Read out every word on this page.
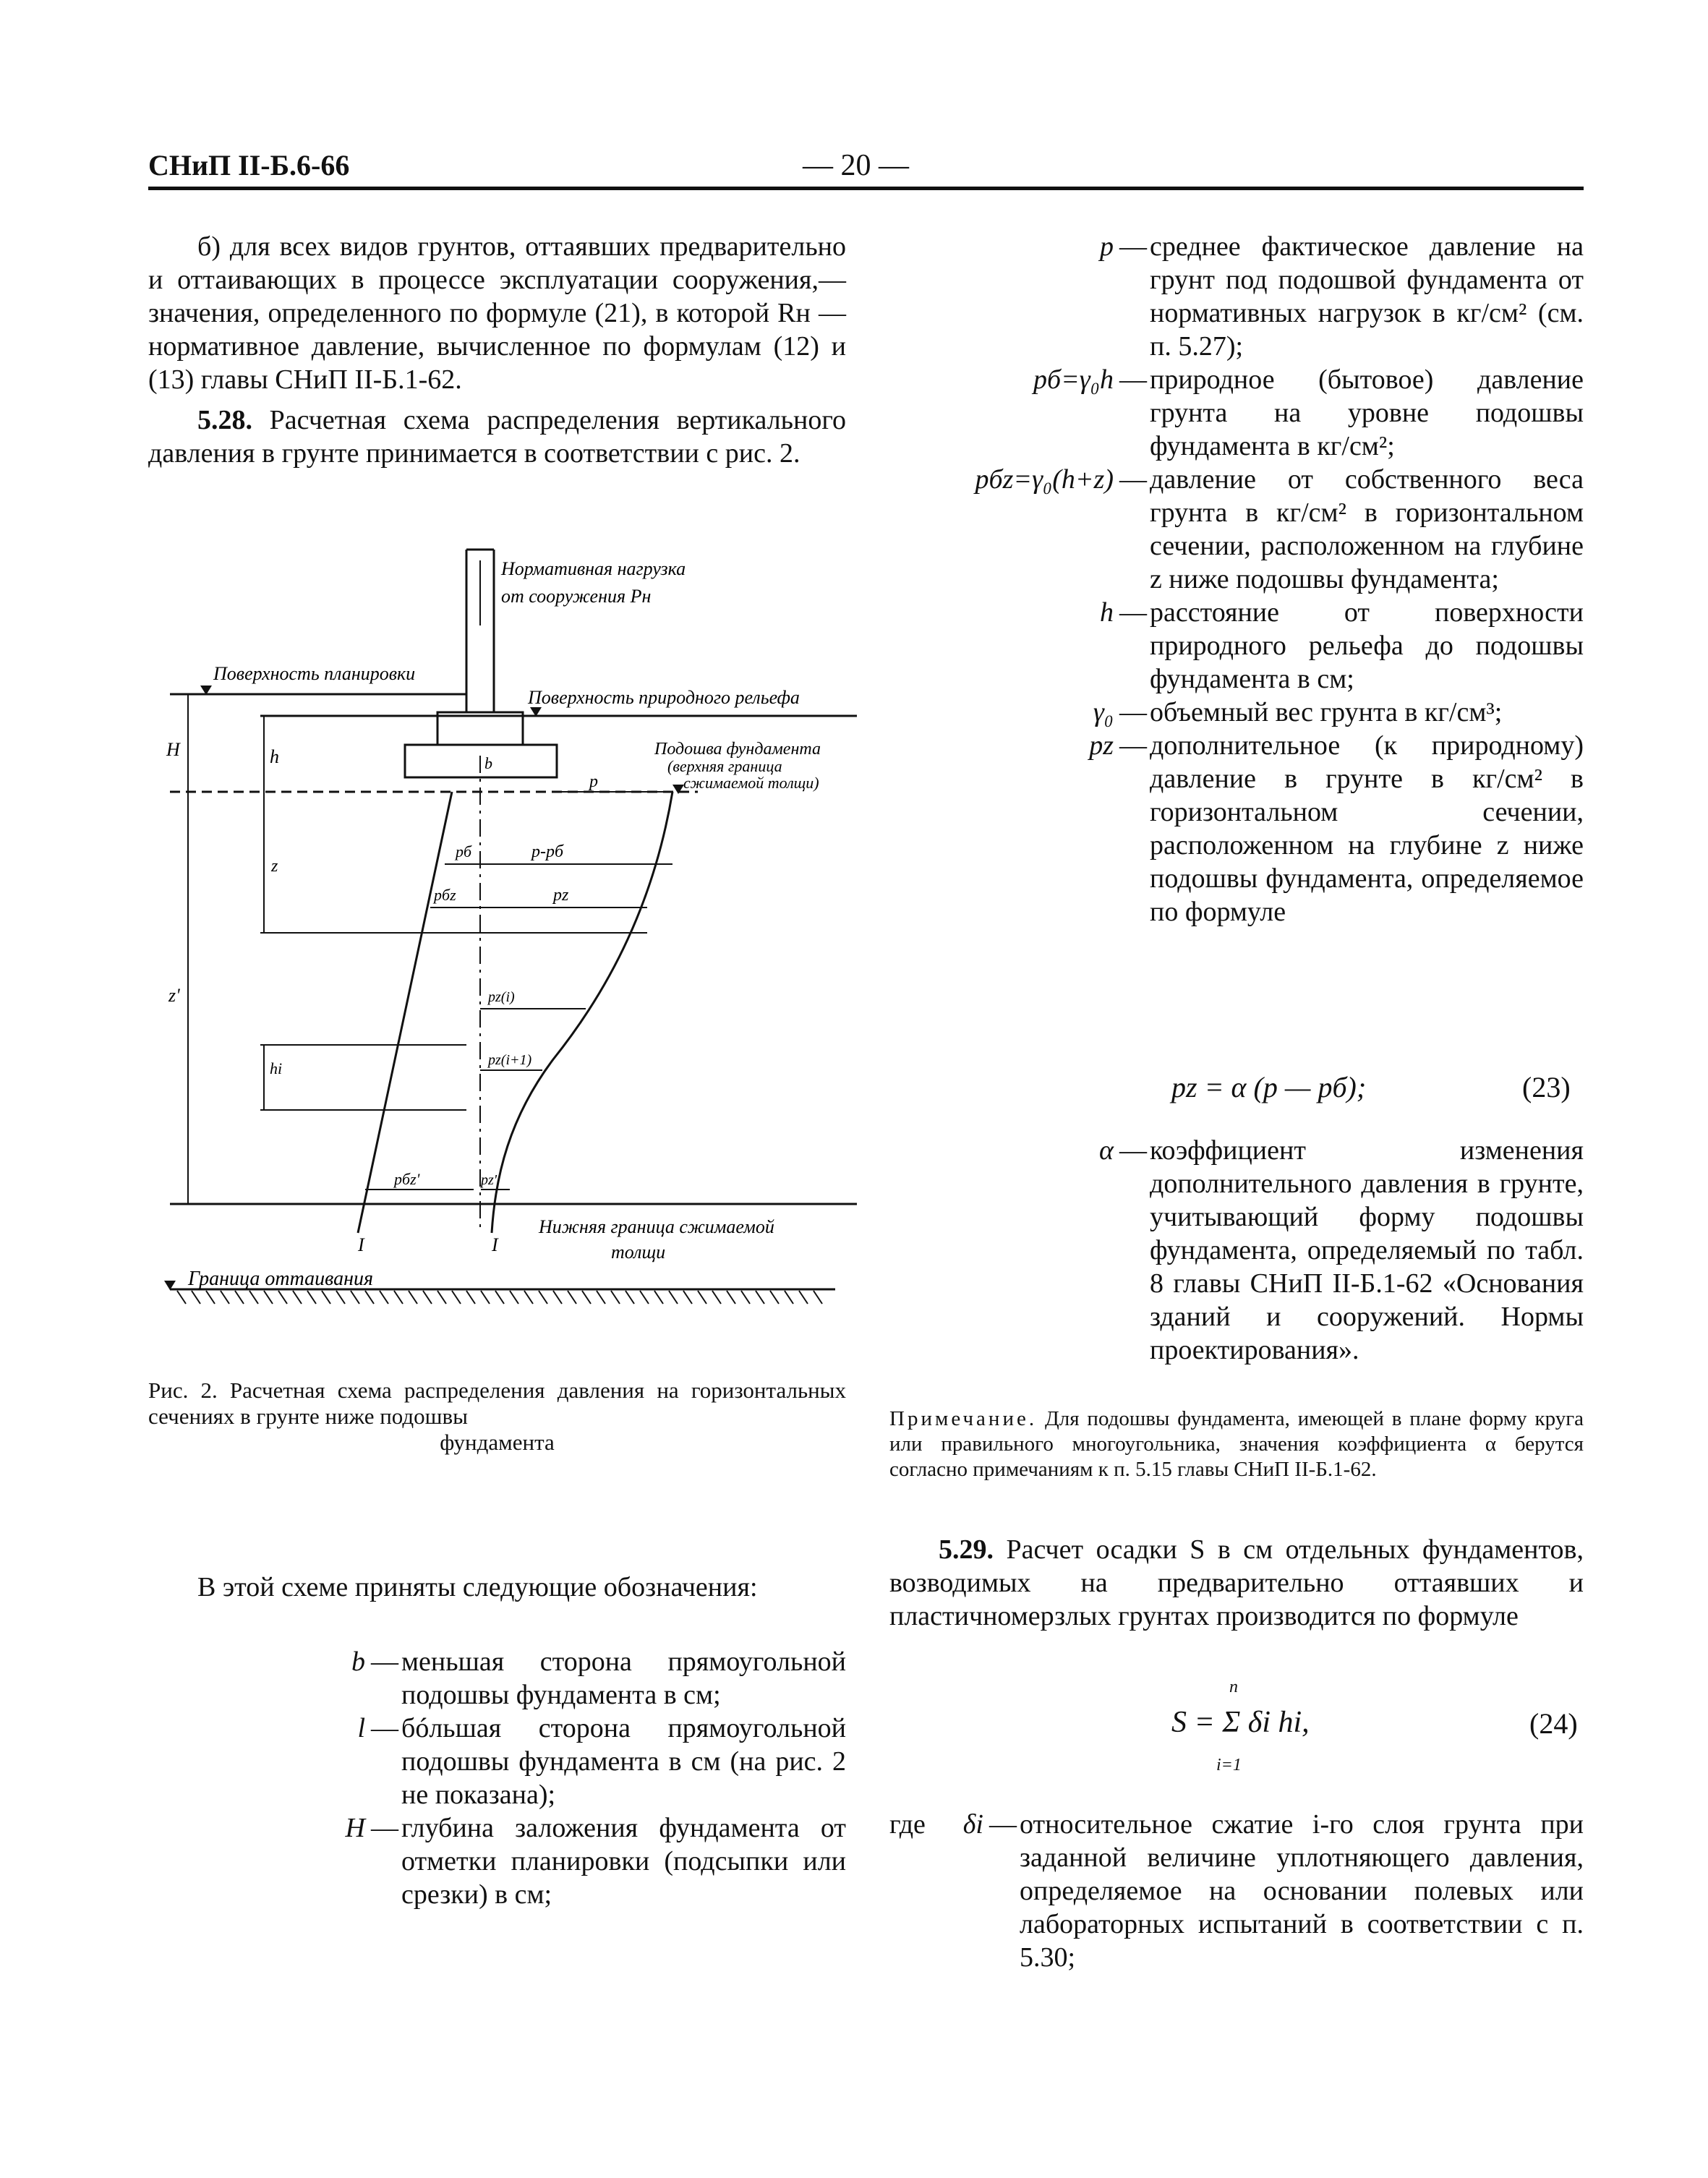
СНиП II-Б.6-66	— 20 —

б) для всех видов грунтов, оттаявших предварительно и оттаивающих в процессе эксплуатации сооружения,—значения, определенного по формуле (21), в которой Rн — нормативное давление, вычисленное по формулам (12) и (13) главы СНиП II-Б.1-62.

5.28. Расчетная схема распределения вертикального давления в грунте принимается в соответствии с рис. 2.

Нормативная нагрузка
от сооружения Pн
Поверхность планировки
Поверхность природного рельефа
Подошва фундамента
(верхняя граница
сжимаемой толщи)
Нижняя граница сжимаемой
толщи
Граница оттаивания
H	h	b
p
pб	p-pб
z
pбz	pz
z'	pz(i)
hi	pz(i+1)
pбz'	pz'
I	I
Рис. 2. Расчетная схема распределения давления на горизонтальных сечениях в грунте ниже подошвы
фундамента

В этой схеме приняты следующие обозначения:

b — меньшая сторона прямоугольной подошвы фундамента в см;
l — бóльшая сторона прямоугольной подошвы фундамента в см (на рис. 2 не показана);
H — глубина заложения фундамента от отметки планировки (подсыпки или срезки) в см;
p — среднее фактическое давление на грунт под подошвой фундамента от нормативных нагрузок в кг/см² (см. п. 5.27);
pб=γ₀h — природное (бытовое) давление грунта на уровне подошвы фундамента в кг/см²;
pбz=γ₀(h+z) — давление от собственного веса грунта в кг/см² в горизонтальном сечении, расположенном на глубине z ниже подошвы фундамента;
h — расстояние от поверхности природного рельефа до подошвы фундамента в см;
γ₀ — объемный вес грунта в кг/см³;
pz — дополнительное (к природному) давление в грунте в кг/см² в горизонтальном сечении, расположенном на глубине z ниже подошвы фундамента, определяемое по формуле
pz = α (p — pб);	(23)
α — коэффициент изменения дополнительного давления в грунте, учитывающий форму подошвы фундамента, определяемый по табл. 8 главы СНиП II-Б.1-62 «Основания зданий и сооружений. Нормы проектирования».
Примечание. Для подошвы фундамента, имеющей в плане форму круга или правильного многоугольника, значения коэффициента α берутся согласно примечаниям к п. 5.15 главы СНиП II-Б.1-62.

5.29. Расчет осадки S в см отдельных фундаментов, возводимых на предварительно оттаявших и пластичномерзлых грунтах производится по формуле

n
S = Σ δi hi,
i=1
(24)
где	δi — относительное сжатие i-го слоя грунта при заданной величине уплотняющего давления, определяемое на основании полевых или лабораторных испытаний в соответствии с п. 5.30;
